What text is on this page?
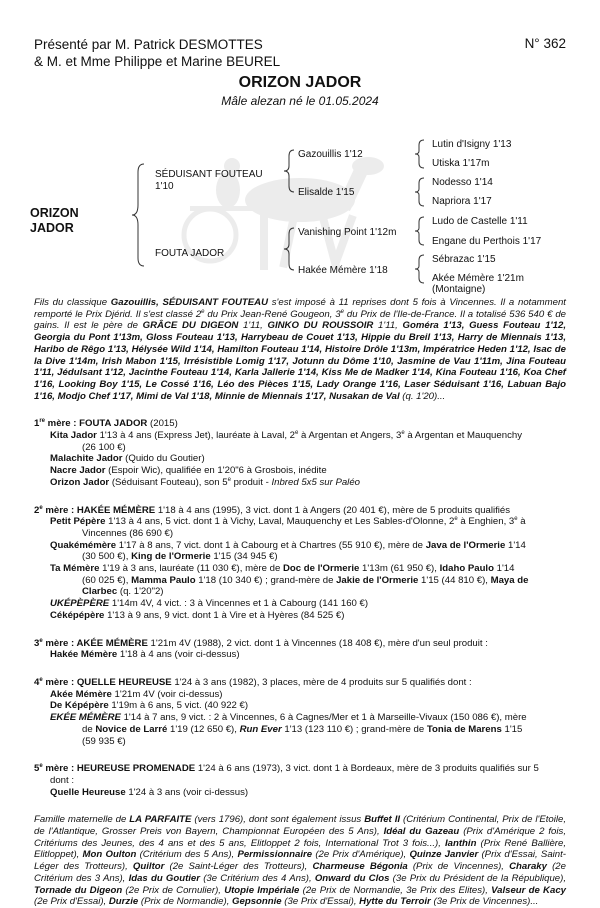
Présenté par M. Patrick DESMOTTES
& M. et Mme Philippe et Marine BEUREL
N° 362
ORIZON JADOR
Mâle alezan né le 01.05.2024
ORIZON
JADOR
SÉDUISANT FOUTEAU
1'10
FOUTA JADOR
Gazouillis 1'12
Elisalde 1'15
Vanishing Point 1'12m
Hakée Mémère 1'18
Lutin d'Isigny 1'13
Utiska 1'17m
Nodesso 1'14
Napriora 1'17
Ludo de Castelle 1'11
Engane du Perthois 1'17
Sébrazac 1'15
Akée Mémère 1'21m
(Montaigne)

Fils du classique Gazouillis, SÉDUISANT FOUTEAU s'est imposé à 11 reprises dont 5 fois à Vincennes. Il a notamment remporté le Prix Djérid. Il s'est classé 2e du Prix Jean-René Gougeon, 3e du Prix de l'Ile-de-France. Il a totalisé 536 540 € de gains. Il est le père de GRÂCE DU DIGEON 1'11, GINKO DU ROUSSOIR 1'11, Goméra 1'13, Guess Fouteau 1'12, Georgia du Pont 1'13m, Gloss Fouteau 1'13, Harrybeau de Couet 1'13, Hippie du Breil 1'13, Harry de Miennais 1'13, Haribo de Rêgo 1'13, Hélysée Wild 1'14, Hamilton Fouteau 1'14, Histoire Drôle 1'13m, Impératrice Heden 1'12, Isac de la Dive 1'14m, Irish Mabon 1'15, Irrésistible Lomig 1'17, Jotunn du Dôme 1'10, Jasmine de Vau 1'11m, Jina Fouteau 1'11, Jédulsant 1'12, Jacinthe Fouteau 1'14, Karla Jallerie 1'14, Kiss Me de Madker 1'14, Kina Fouteau 1'16, Koa Chef 1'16, Looking Boy 1'15, Le Cossé 1'16, Léo des Pièces 1'15, Lady Orange 1'16, Laser Séduisant 1'16, Labuan Bajo 1'16, Modjo Chef 1'17, Mimi de Val 1'18, Minnie de Miennais 1'17, Nusakan de Val (q. 1'20)...

1re mère : FOUTA JADOR (2015)

Kita Jador 1'13 à 4 ans (Express Jet), lauréate à Laval, 2e à Argentan et Angers, 3e à Argentan et Mauquenchy

(26 100 €)

Malachite Jador (Quido du Goutier)

Nacre Jador (Espoir Wic), qualifiée en 1'20"6 à Grosbois, inédite

Orizon Jador (Séduisant Fouteau), son 5e produit - Inbred 5x5 sur Paléo

2e mère : HAKÉE MÉMÈRE 1'18 à 4 ans (1995), 3 vict. dont 1 à Angers (20 401 €), mère de 5 produits qualifiés

Petit Pépère 1'13 à 4 ans, 5 vict. dont 1 à Vichy, Laval, Mauquenchy et Les Sables-d'Olonne, 2e à Enghien, 3e à

Vincennes (86 690 €)

Quakémémère 1'17 à 8 ans, 7 vict. dont 1 à Cabourg et à Chartres (55 910 €), mère de Java de l'Ormerie 1'14

(30 500 €), King de l'Ormerie 1'15 (34 945 €)

Ta Mémère 1'19 à 3 ans, lauréate (11 030 €), mère de Doc de l'Ormerie 1'13m (61 950 €), Idaho Paulo 1'14

(60 025 €), Mamma Paulo 1'18 (10 340 €) ; grand-mère de Jakie de l'Ormerie 1'15 (44 810 €), Maya de

Clarbec (q. 1'20"2)

UKÉPÈPÈRE 1'14m 4V, 4 vict. : 3 à Vincennes et 1 à Cabourg (141 160 €)

Céképépère 1'13 à 9 ans, 9 vict. dont 1 à Vire et à Hyères (84 525 €)

3e mère : AKÉE MÉMÈRE 1'21m 4V (1988), 2 vict. dont 1 à Vincennes (18 408 €), mère d'un seul produit :

Hakée Mémère 1'18 à 4 ans (voir ci-dessus)

4e mère : QUELLE HEUREUSE 1'24 à 3 ans (1982), 3 places, mère de 4 produits sur 5 qualifiés dont :

Akée Mémère 1'21m 4V (voir ci-dessus)

De Képépère 1'19m à 6 ans, 5 vict. (40 922 €)

EKÉE MÉMÈRE 1'14 à 7 ans, 9 vict. : 2 à Vincennes, 6 à Cagnes/Mer et 1 à Marseille-Vivaux (150 086 €), mère

de Novice de Larré 1'19 (12 650 €), Run Ever 1'13 (123 110 €) ; grand-mère de Tonia de Marens 1'15

(59 935 €)

5e mère : HEUREUSE PROMENADE 1'24 à 6 ans (1973), 3 vict. dont 1 à Bordeaux, mère de 3 produits qualifiés sur 5

dont :

Quelle Heureuse 1'24 à 3 ans (voir ci-dessus)

Famille maternelle de LA PARFAITE (vers 1796), dont sont également issus Buffet II (Critérium Continental, Prix de l'Etoile, de l'Atlantique, Grosser Preis von Bayern, Championnat Européen des 5 Ans), Idéal du Gazeau (Prix d'Amérique 2 fois, Critériums des Jeunes, des 4 ans et des 5 ans, Elitloppet 2 fois, International Trot 3 fois...), Ianthin (Prix René Ballière, Elitloppet), Mon Oulton (Critérium des 5 Ans), Permissionnaire (2e Prix d'Amérique), Quinze Janvier (Prix d'Essai, Saint-Léger des Trotteurs), Quiltor (2e Saint-Léger des Trotteurs), Charmeuse Bégonia (Prix de Vincennes), Charaky (2e Critérium des 3 Ans), Idas du Goutier (3e Critérium des 4 Ans), Onward du Clos (3e Prix du Président de la République), Tornade du Digeon (2e Prix de Cornulier), Utopie Impériale (2e Prix de Normandie, 3e Prix des Elites), Valseur de Kacy (2e Prix d'Essai), Durzie (Prix de Normandie), Gepsonnie (3e Prix d'Essai), Hytte du Terroir (3e Prix de Vincennes)...
